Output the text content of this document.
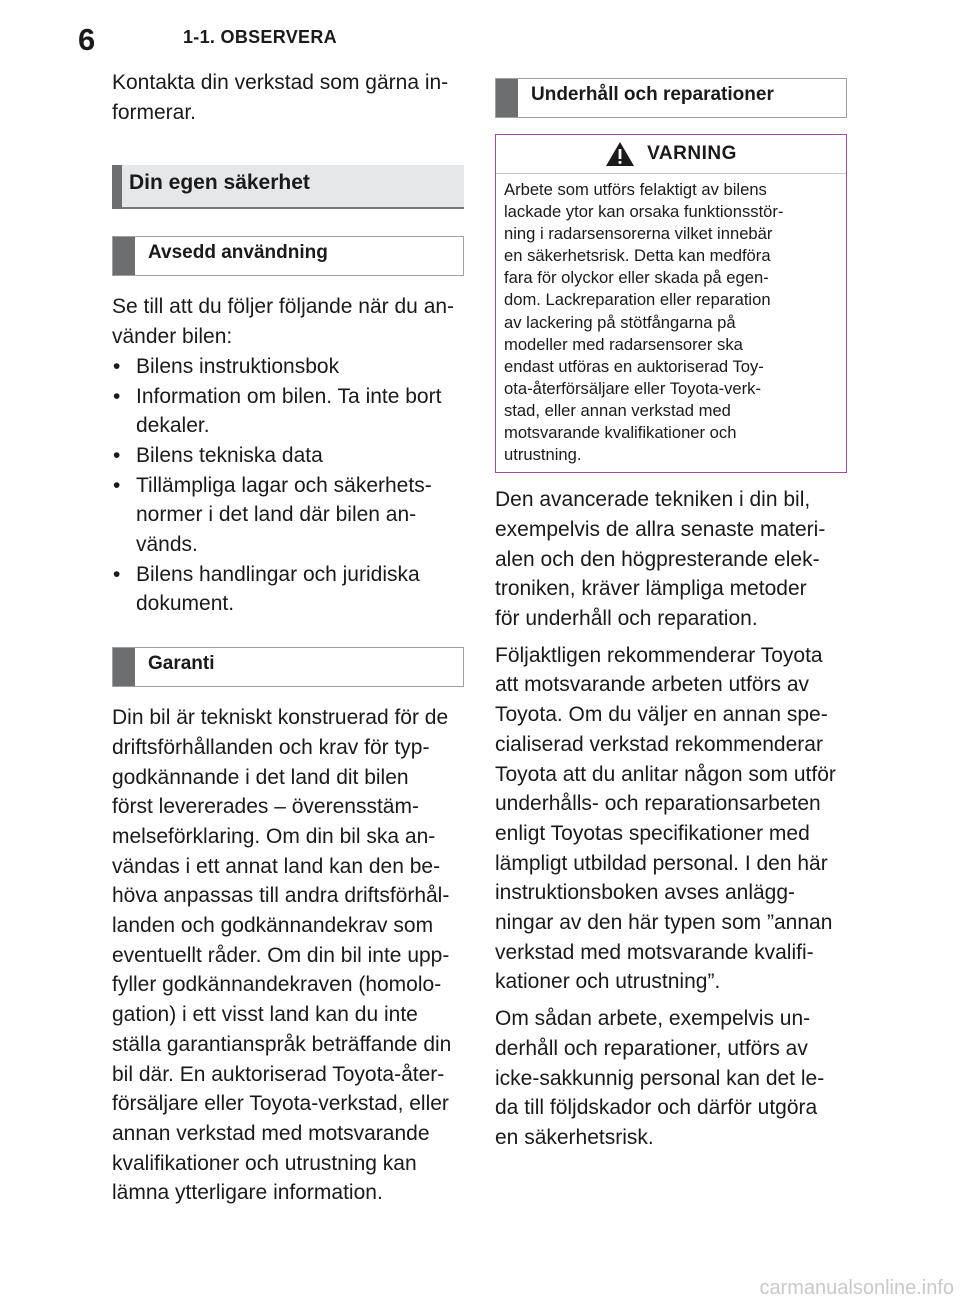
6	1-1. OBSERVERA
Kontakta din verkstad som gärna in-
formerar.
Din egen säkerhet
Avsedd användning
Se till att du följer följande när du an-
vänder bilen:
• Bilens instruktionsbok
• Information om bilen. Ta inte bort
dekaler.
• Bilens tekniska data
• Tillämpliga lagar och säkerhets-
normer i det land där bilen an-
vänds.
• Bilens handlingar och juridiska
dokument.
Garanti
Din bil är tekniskt konstruerad för de
driftsförhållanden och krav för typ-
godkännande i det land dit bilen
först levererades – överensstäm-
melseförklaring. Om din bil ska an-
vändas i ett annat land kan den be-
höva anpassas till andra driftsförhål-
landen och godkännandekrav som
eventuellt råder. Om din bil inte upp-
fyller godkännandekraven (homolo-
gation) i ett visst land kan du inte
ställa garantianspråk beträffande din
bil där. En auktoriserad Toyota-åter-
försäljare eller Toyota-verkstad, eller
annan verkstad med motsvarande
kvalifikationer och utrustning kan
lämna ytterligare information.
Underhåll och reparationer
VARNING
Arbete som utförs felaktigt av bilens
lackade ytor kan orsaka funktionsstör-
ning i radarsensorerna vilket innebär
en säkerhetsrisk. Detta kan medföra
fara för olyckor eller skada på egen-
dom. Lackreparation eller reparation
av lackering på stötfångarna på
modeller med radarsensorer ska
endast utföras en auktoriserad Toy-
ota-återförsäljare eller Toyota-verk-
stad, eller annan verkstad med
motsvarande kvalifikationer och
utrustning.
Den avancerade tekniken i din bil,
exempelvis de allra senaste materi-
alen och den högpresterande elek-
troniken, kräver lämpliga metoder
för underhåll och reparation.
Följaktligen rekommenderar Toyota
att motsvarande arbeten utförs av
Toyota. Om du väljer en annan spe-
cialiserad verkstad rekommenderar
Toyota att du anlitar någon som utför
underhålls- och reparationsarbeten
enligt Toyotas specifikationer med
lämpligt utbildad personal. I den här
instruktionsboken avses anlägg-
ningar av den här typen som ”annan
verkstad med motsvarande kvalifi-
kationer och utrustning”.
Om sådan arbete, exempelvis un-
derhåll och reparationer, utförs av
icke-sakkunnig personal kan det le-
da till följdskador och därför utgöra
en säkerhetsrisk.
carmanualsonline.info
